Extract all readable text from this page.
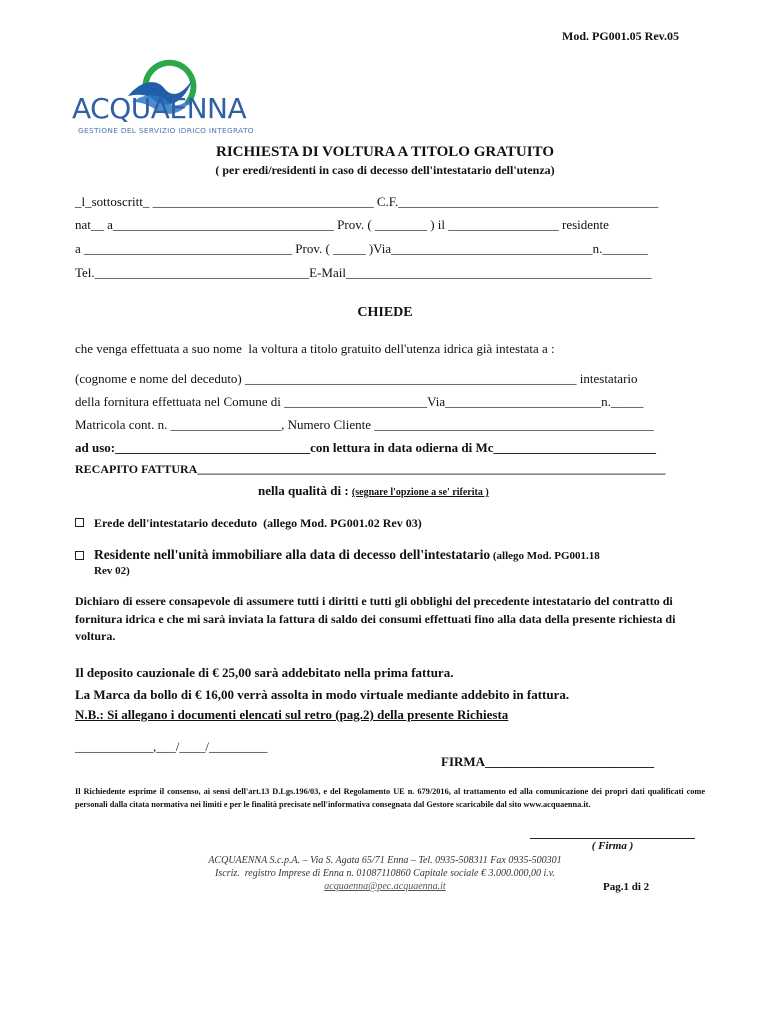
Mod. PG001.05 Rev.05

ACQUAENNA

GESTIONE DEL SERVIZIO IDRICO INTEGRATO

RICHIESTA DI VOLTURA A TITOLO GRATUITO
( per eredi/residenti in caso di decesso dell'intestatario dell'utenza)
_l_sottoscritt_ __________________________________ C.F.________________________________________
nat__ a__________________________________ Prov. ( ________ ) il _________________ residente
a ________________________________ Prov. ( _____ )Via_______________________________n._______
Tel._________________________________E-Mail_______________________________________________
CHIEDE
che venga effettuata a suo nome  la voltura a titolo gratuito dell'utenza idrica già intestata a :
(cognome e nome del deceduto) ___________________________________________________ intestatario
della fornitura effettuata nel Comune di ______________________Via________________________n._____
Matricola cont. n. _________________, Numero Cliente ___________________________________________
ad uso:______________________________con lettura in data odierna di Mc_________________________
RECAPITO FATTURA______________________________________________________________________________
nella qualità di : (segnare l'opzione a se' riferita )
Erede dell'intestatario deceduto  (allego Mod. PG001.02 Rev 03)
Residente nell'unità immobiliare alla data di decesso dell'intestatario (allego Mod. PG001.18
Rev 02)
Dichiaro di essere consapevole di assumere tutti i diritti e tutti gli obblighi del precedente intestatario del contratto di fornitura idrica e che mi sarà inviata la fattura di saldo dei consumi effettuati fino alla data della presente richiesta di voltura.
Il deposito cauzionale di € 25,00 sarà addebitato nella prima fattura.
La Marca da bollo di € 16,00 verrà assolta in modo virtuale mediante addebito in fattura.
N.B.: Si allegano i documenti elencati sul retro (pag.2) della presente Richiesta
____________,___/____/_________
FIRMA__________________________
Il Richiedente esprime il consenso, ai sensi dell'art.13 D.Lgs.196/03, e del Regolamento UE n. 679/2016, al trattamento ed alla comunicazione dei propri dati qualificati come personali dalla citata normativa nei limiti e per le finalità precisate nell'informativa consegnata dal Gestore scaricabile dal sito www.acquaenna.it.
( Firma )
ACQUAENNA S.c.p.A. – Via S. Agata 65/71 Enna – Tel. 0935-508311 Fax 0935-500301
Iscriz.  registro Imprese di Enna n. 01087110860 Capitale sociale € 3.000.000,00 i.v.
acquaenna@pec.acquaenna.it	Pag.1 di 2
